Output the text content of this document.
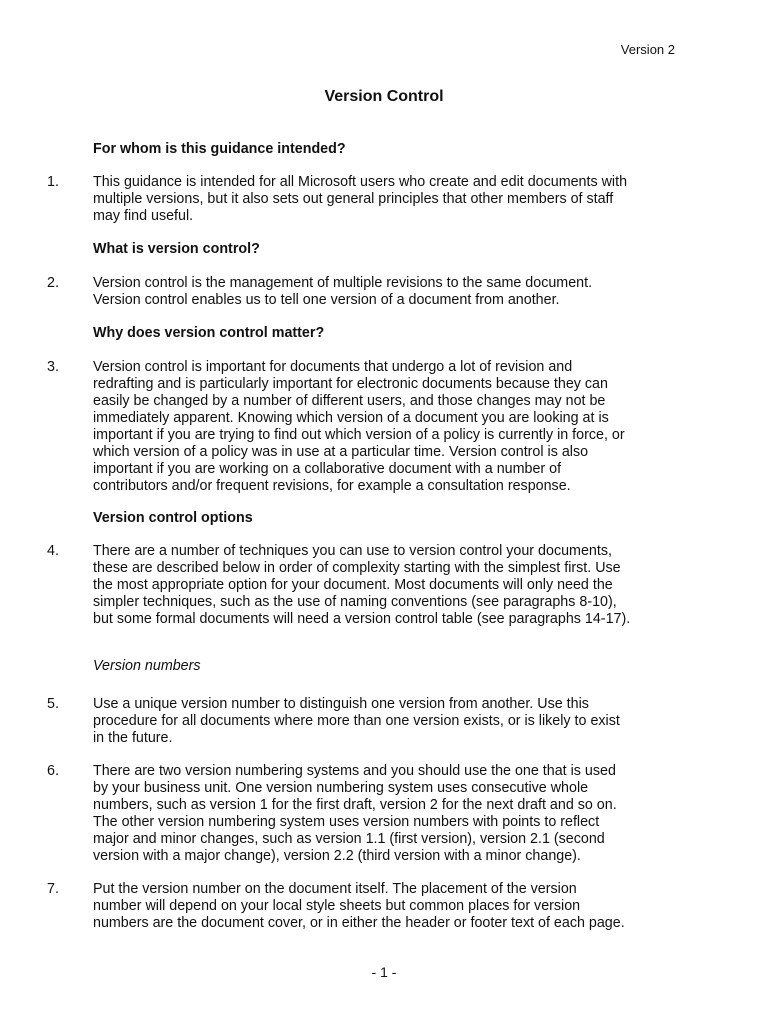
Version 2
Version Control
For whom is this guidance intended?
1. This guidance is intended for all Microsoft users who create and edit documents with
multiple versions, but it also sets out general principles that other members of staff
may find useful.
What is version control?
2. Version control is the management of multiple revisions to the same document.
Version control enables us to tell one version of a document from another.
Why does version control matter?
3. Version control is important for documents that undergo a lot of revision and
redrafting and is particularly important for electronic documents because they can
easily be changed by a number of different users, and those changes may not be
immediately apparent. Knowing which version of a document you are looking at is
important if you are trying to find out which version of a policy is currently in force, or
which version of a policy was in use at a particular time. Version control is also
important if you are working on a collaborative document with a number of
contributors and/or frequent revisions, for example a consultation response.
Version control options
4. There are a number of techniques you can use to version control your documents,
these are described below in order of complexity starting with the simplest first. Use
the most appropriate option for your document. Most documents will only need the
simpler techniques, such as the use of naming conventions (see paragraphs 8-10),
but some formal documents will need a version control table (see paragraphs 14-17).
Version numbers
5. Use a unique version number to distinguish one version from another. Use this
procedure for all documents where more than one version exists, or is likely to exist
in the future.
6. There are two version numbering systems and you should use the one that is used
by your business unit. One version numbering system uses consecutive whole
numbers, such as version 1 for the first draft, version 2 for the next draft and so on.
The other version numbering system uses version numbers with points to reflect
major and minor changes, such as version 1.1 (first version), version 2.1 (second
version with a major change), version 2.2 (third version with a minor change).
7. Put the version number on the document itself. The placement of the version
number will depend on your local style sheets but common places for version
numbers are the document cover, or in either the header or footer text of each page.
- 1 -
